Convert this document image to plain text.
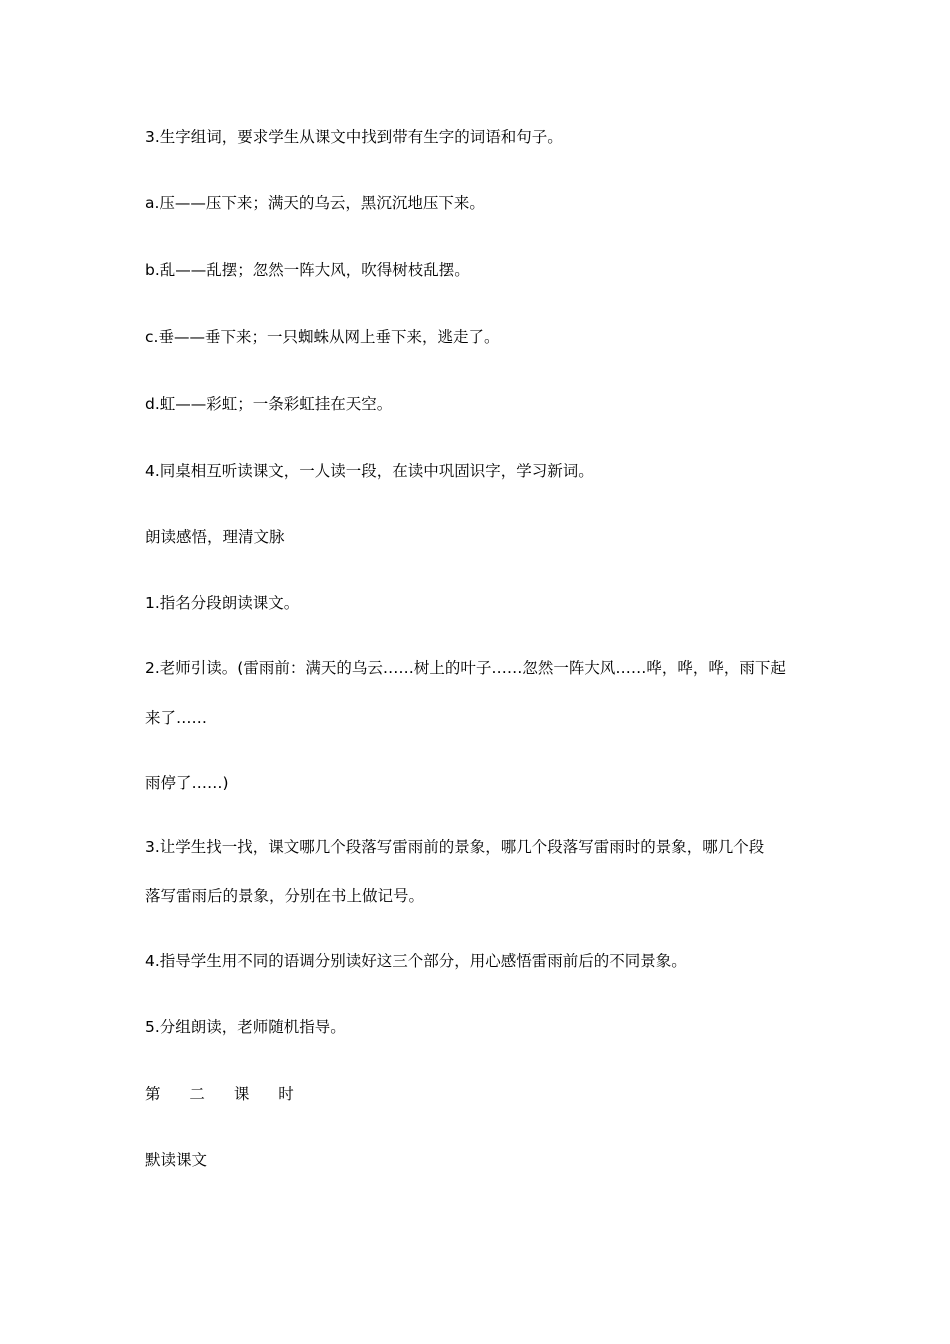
3.生字组词，要求学生从课文中找到带有生字的词语和句子。
a.压——压下来；满天的乌云，黑沉沉地压下来。
b.乱——乱摆；忽然一阵大风，吹得树枝乱摆。
c.垂——垂下来；一只蜘蛛从网上垂下来，逃走了。
d.虹——彩虹；一条彩虹挂在天空。
4.同桌相互听读课文，一人读一段，在读中巩固识字，学习新词。
朗读感悟，理清文脉
1.指名分段朗读课文。
2.老师引读。(雷雨前：满天的乌云……树上的叶子……忽然一阵大风……哗，哗，哗，雨下起
来了……
雨停了……)
3.让学生找一找，课文哪几个段落写雷雨前的景象，哪几个段落写雷雨时的景象，哪几个段
落写雷雨后的景象，分别在书上做记号。
4.指导学生用不同的语调分别读好这三个部分，用心感悟雷雨前后的不同景象。
5.分组朗读，老师随机指导。
第 二 课 时
默读课文
